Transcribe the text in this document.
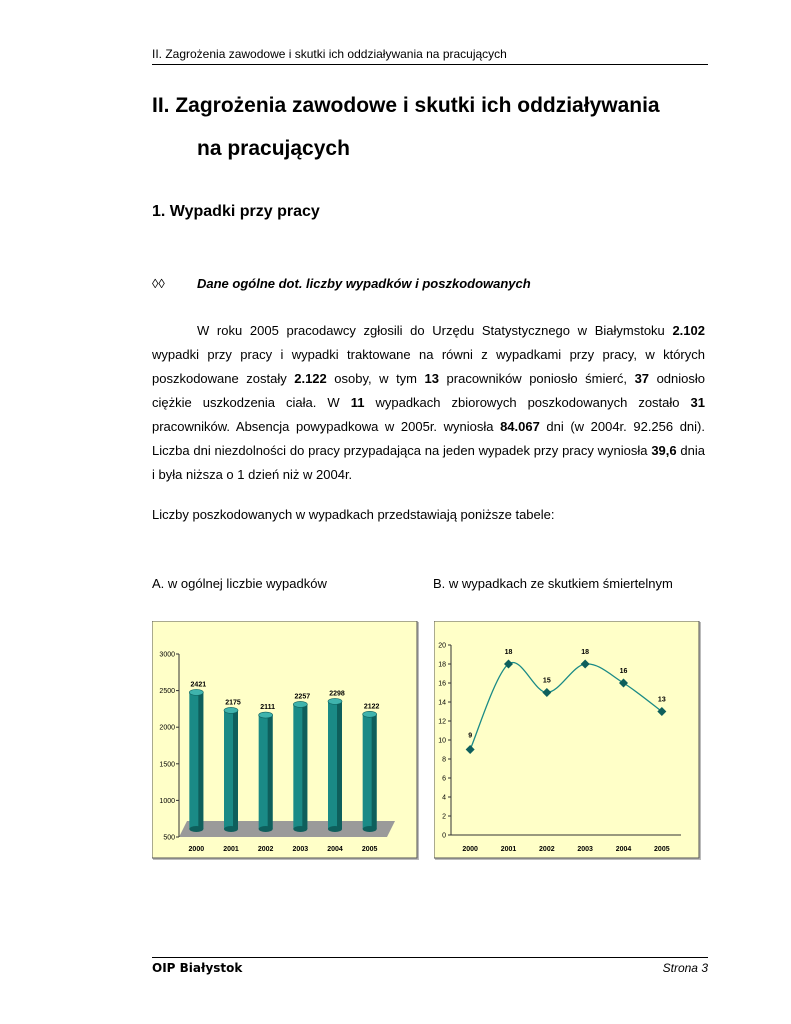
II. Zagrożenia zawodowe i skutki ich oddziaływania na pracujących
II. Zagrożenia zawodowe i skutki ich oddziaływania
na pracujących
1. Wypadki przy pracy
◊◊ Dane ogólne dot. liczby wypadków i poszkodowanych
W roku 2005 pracodawcy zgłosili do Urzędu Statystycznego w Białymstoku 2.102 wypadki przy pracy i wypadki traktowane na równi z wypadkami przy pracy, w których poszkodowane zostały 2.122 osoby, w tym 13 pracowników poniosło śmierć, 37 odniosło ciężkie uszkodzenia ciała. W 11 wypadkach zbiorowych poszkodowanych zostało 31 pracowników. Absencja powypadkowa w 2005r. wyniosła 84.067 dni (w 2004r. 92.256 dni). Liczba dni niezdolności do pracy przypadająca na jeden wypadek przy pracy wyniosła 39,6 dnia i była niższa o 1 dzień niż w 2004r.
Liczby poszkodowanych w wypadkach przedstawiają poniższe tabele:
A. w ogólnej liczbie wypadków	B. w wypadkach ze skutkiem śmiertelnym
500
1000
1500
2000
2500
3000
2421
2000
2175
2001
2111
2002
2257
2003
2298
2004
2122
2005
0
2
4
6
8
10
12
14
16
18
20
9
2000
18
2001
15
2002
18
2003
16
2004
13
2005
OIP Białystok	Strona 3
